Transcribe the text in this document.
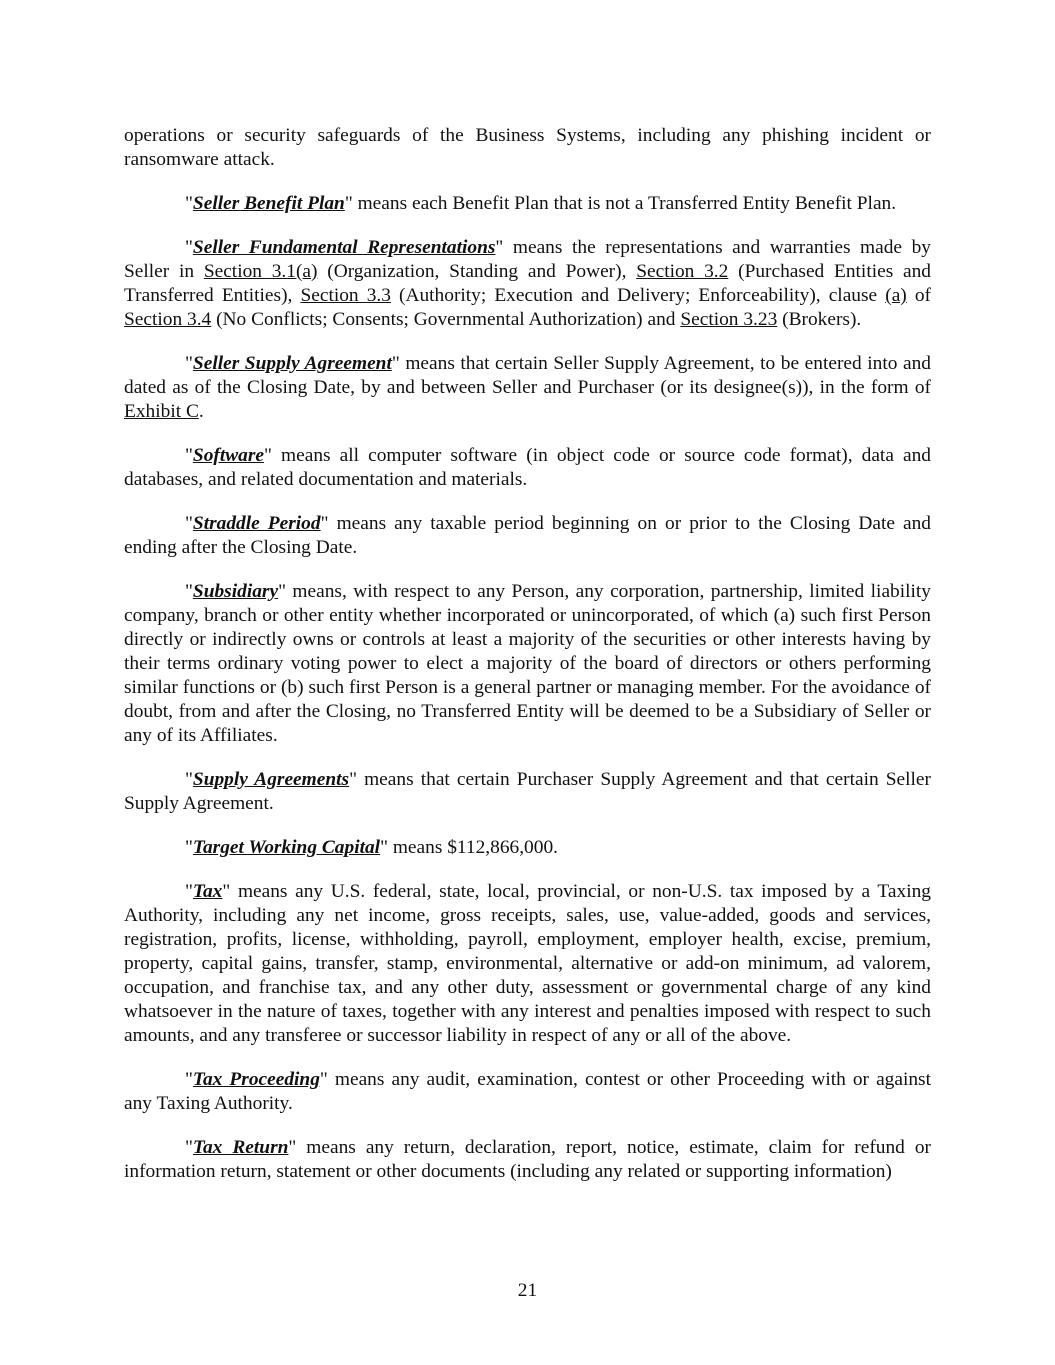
operations or security safeguards of the Business Systems, including any phishing incident or ransomware attack.

"Seller Benefit Plan" means each Benefit Plan that is not a Transferred Entity Benefit Plan.

"Seller Fundamental Representations" means the representations and warranties made by Seller in Section 3.1(a) (Organization, Standing and Power), Section 3.2 (Purchased Entities and Transferred Entities), Section 3.3 (Authority; Execution and Delivery; Enforceability), clause (a) of Section 3.4 (No Conflicts; Consents; Governmental Authorization) and Section 3.23 (Brokers).

"Seller Supply Agreement" means that certain Seller Supply Agreement, to be entered into and dated as of the Closing Date, by and between Seller and Purchaser (or its designee(s)), in the form of Exhibit C.

"Software" means all computer software (in object code or source code format), data and databases, and related documentation and materials.

"Straddle Period" means any taxable period beginning on or prior to the Closing Date and ending after the Closing Date.

"Subsidiary" means, with respect to any Person, any corporation, partnership, limited liability company, branch or other entity whether incorporated or unincorporated, of which (a) such first Person directly or indirectly owns or controls at least a majority of the securities or other interests having by their terms ordinary voting power to elect a majority of the board of directors or others performing similar functions or (b) such first Person is a general partner or managing member. For the avoidance of doubt, from and after the Closing, no Transferred Entity will be deemed to be a Subsidiary of Seller or any of its Affiliates.

"Supply Agreements" means that certain Purchaser Supply Agreement and that certain Seller Supply Agreement.

"Target Working Capital" means $112,866,000.

"Tax" means any U.S. federal, state, local, provincial, or non-U.S. tax imposed by a Taxing Authority, including any net income, gross receipts, sales, use, value-added, goods and services, registration, profits, license, withholding, payroll, employment, employer health, excise, premium, property, capital gains, transfer, stamp, environmental, alternative or add-on minimum, ad valorem, occupation, and franchise tax, and any other duty, assessment or governmental charge of any kind whatsoever in the nature of taxes, together with any interest and penalties imposed with respect to such amounts, and any transferee or successor liability in respect of any or all of the above.

"Tax Proceeding" means any audit, examination, contest or other Proceeding with or against any Taxing Authority.

"Tax Return" means any return, declaration, report, notice, estimate, claim for refund or information return, statement or other documents (including any related or supporting information)

21
